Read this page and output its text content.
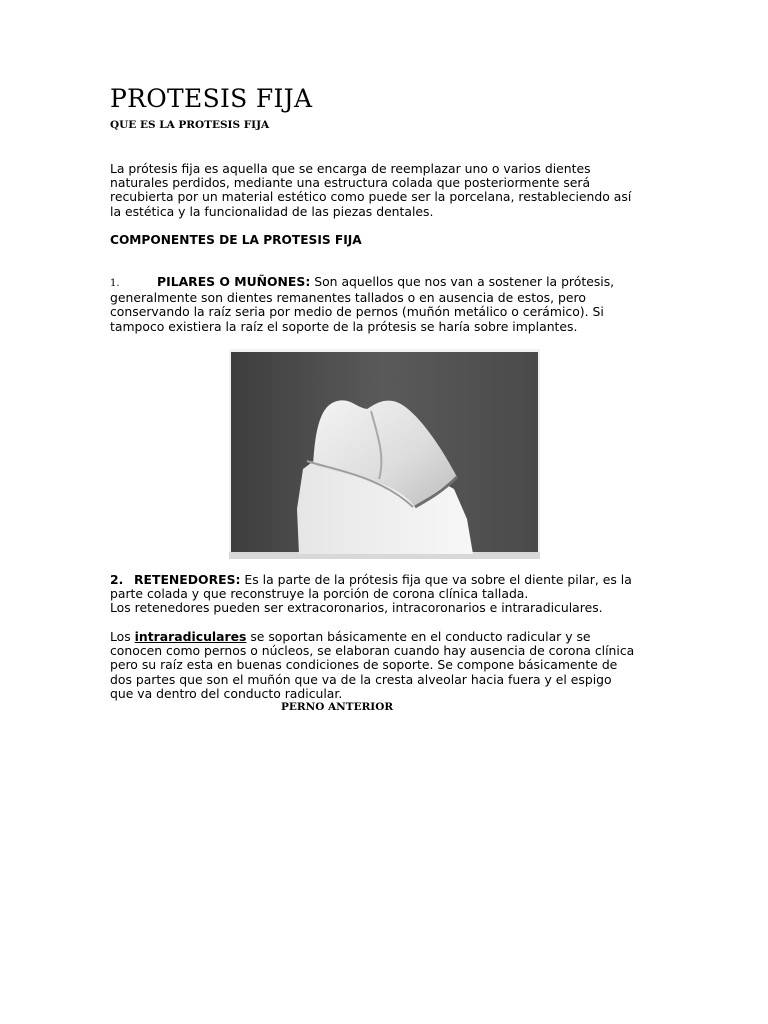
PROTESIS FIJA
QUE ES LA PROTESIS FIJA

La prótesis fija es aquella que se encarga de reemplazar uno o varios dientes

naturales perdidos, mediante una estructura colada que posteriormente será

recubierta por un material estético como puede ser la porcelana, restableciendo así

la estética y la funcionalidad de las piezas dentales.

COMPONENTES DE LA PROTESIS FIJA

1.	PILARES O MUÑONES: Son aquellos que nos van a sostener la prótesis,

generalmente son dientes remanentes tallados o en ausencia de estos, pero

conservando la raíz seria por medio de pernos (muñón metálico o cerámico). Si

tampoco existiera la raíz el soporte de la prótesis se haría sobre implantes.

2. RETENEDORES: Es la parte de la prótesis fija que va sobre el diente pilar, es la

parte colada y que reconstruye la porción de corona clínica tallada.

Los retenedores pueden ser extracoronarios, intracoronarios e intraradiculares.

Los intraradiculares se soportan básicamente en el conducto radicular y se

conocen como pernos o núcleos, se elaboran cuando hay ausencia de corona clínica

pero su raíz esta en buenas condiciones de soporte. Se compone básicamente de

dos partes que son el muñón que va de la cresta alveolar hacia fuera y el espigo

que va dentro del conducto radicular.

PERNO ANTERIOR
